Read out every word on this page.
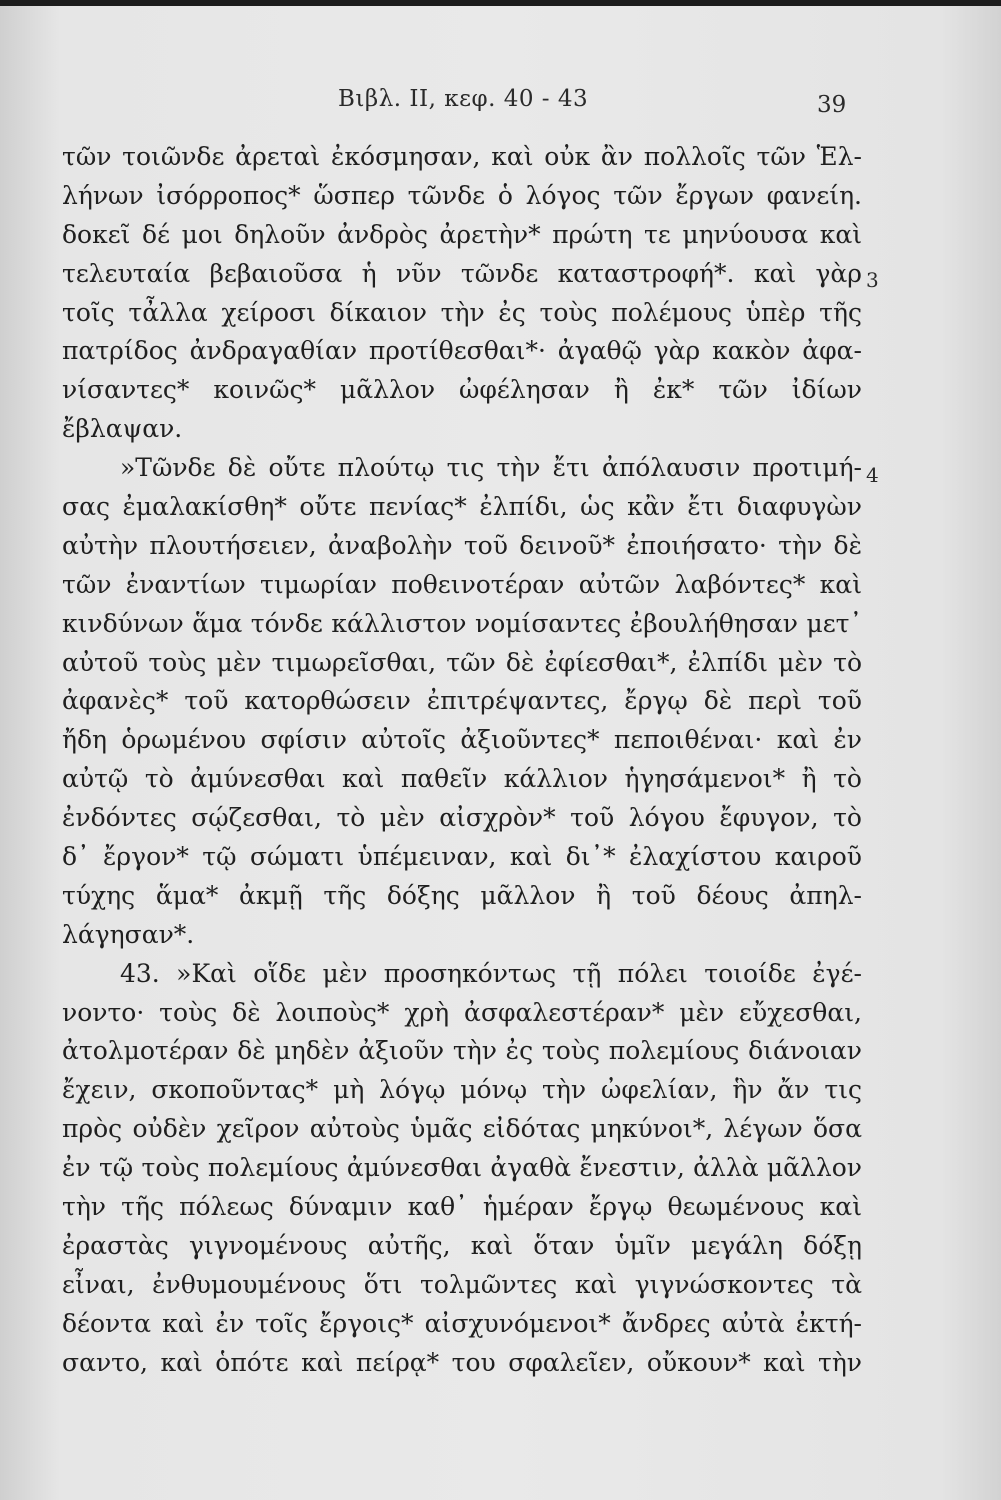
Βιβλ. II, κεφ. 40 - 43	39
τῶν τοιῶνδε ἀρεταὶ ἐκόσμησαν, καὶ οὐκ ἂν πολλοῖς τῶν Ἑλ-
λήνων ἰσόρροπος* ὥσπερ τῶνδε ὁ λόγος τῶν ἔργων φανείη.
δοκεῖ δέ μοι δηλοῦν ἀνδρὸς ἀρετὴν* πρώτη τε μηνύουσα καὶ
τελευταία βεβαιοῦσα ἡ νῦν τῶνδε καταστροφή*. καὶ γὰρ
τοῖς τἆλλα χείροσι δίκαιον τὴν ἐς τοὺς πολέμους ὑπὲρ τῆς
πατρίδος ἀνδραγαθίαν προτίθεσθαι*· ἀγαθῷ γὰρ κακὸν ἀφα-
νίσαντες* κοινῶς* μᾶλλον ὠφέλησαν ἢ ἐκ* τῶν ἰδίων
ἔβλαψαν.
»Τῶνδε δὲ οὔτε πλούτῳ τις τὴν ἔτι ἀπόλαυσιν προτιμή-
σας ἐμαλακίσθη* οὔτε πενίας* ἐλπίδι, ὡς κἂν ἔτι διαφυγὼν
αὐτὴν πλουτήσειεν, ἀναβολὴν τοῦ δεινοῦ* ἐποιήσατο· τὴν δὲ
τῶν ἐναντίων τιμωρίαν ποθεινοτέραν αὐτῶν λαβόντες* καὶ
κινδύνων ἅμα τόνδε κάλλιστον νομίσαντες ἐβουλήθησαν μετ᾽
αὐτοῦ τοὺς μὲν τιμωρεῖσθαι, τῶν δὲ ἐφίεσθαι*, ἐλπίδι μὲν τὸ
ἀφανὲς* τοῦ κατορθώσειν ἐπιτρέψαντες, ἔργῳ δὲ περὶ τοῦ
ἤδη ὁρωμένου σφίσιν αὐτοῖς ἀξιοῦντες* πεποιθέναι· καὶ ἐν
αὐτῷ τὸ ἀμύνεσθαι καὶ παθεῖν κάλλιον ἡγησάμενοι* ἢ τὸ
ἐνδόντες σῴζεσθαι, τὸ μὲν αἰσχρὸν* τοῦ λόγου ἔφυγον, τὸ
δ᾽ ἔργον* τῷ σώματι ὑπέμειναν, καὶ δι᾽* ἐλαχίστου καιροῦ
τύχης ἅμα* ἀκμῇ τῆς δόξης μᾶλλον ἢ τοῦ δέους ἀπηλ-
λάγησαν*.
43. »Καὶ οἵδε μὲν προσηκόντως τῇ πόλει τοιοίδε ἐγέ-
νοντο· τοὺς δὲ λοιποὺς* χρὴ ἀσφαλεστέραν* μὲν εὔχεσθαι,
ἀτολμοτέραν δὲ μηδὲν ἀξιοῦν τὴν ἐς τοὺς πολεμίους διάνοιαν
ἔχειν, σκοποῦντας* μὴ λόγῳ μόνῳ τὴν ὠφελίαν, ἣν ἄν τις
πρὸς οὐδὲν χεῖρον αὐτοὺς ὑμᾶς εἰδότας μηκύνοι*, λέγων ὅσα
ἐν τῷ τοὺς πολεμίους ἀμύνεσθαι ἀγαθὰ ἔνεστιν, ἀλλὰ μᾶλλον
τὴν τῆς πόλεως δύναμιν καθ᾽ ἡμέραν ἔργῳ θεωμένους καὶ
ἐραστὰς γιγνομένους αὐτῆς, καὶ ὅταν ὑμῖν μεγάλη δόξῃ
εἶναι, ἐνθυμουμένους ὅτι τολμῶντες καὶ γιγνώσκοντες τὰ
δέοντα καὶ ἐν τοῖς ἔργοις* αἰσχυνόμενοι* ἄνδρες αὐτὰ ἐκτή-
σαντο, καὶ ὁπότε καὶ πείρᾳ* του σφαλεῖεν, οὔκουν* καὶ τὴν
3
4
